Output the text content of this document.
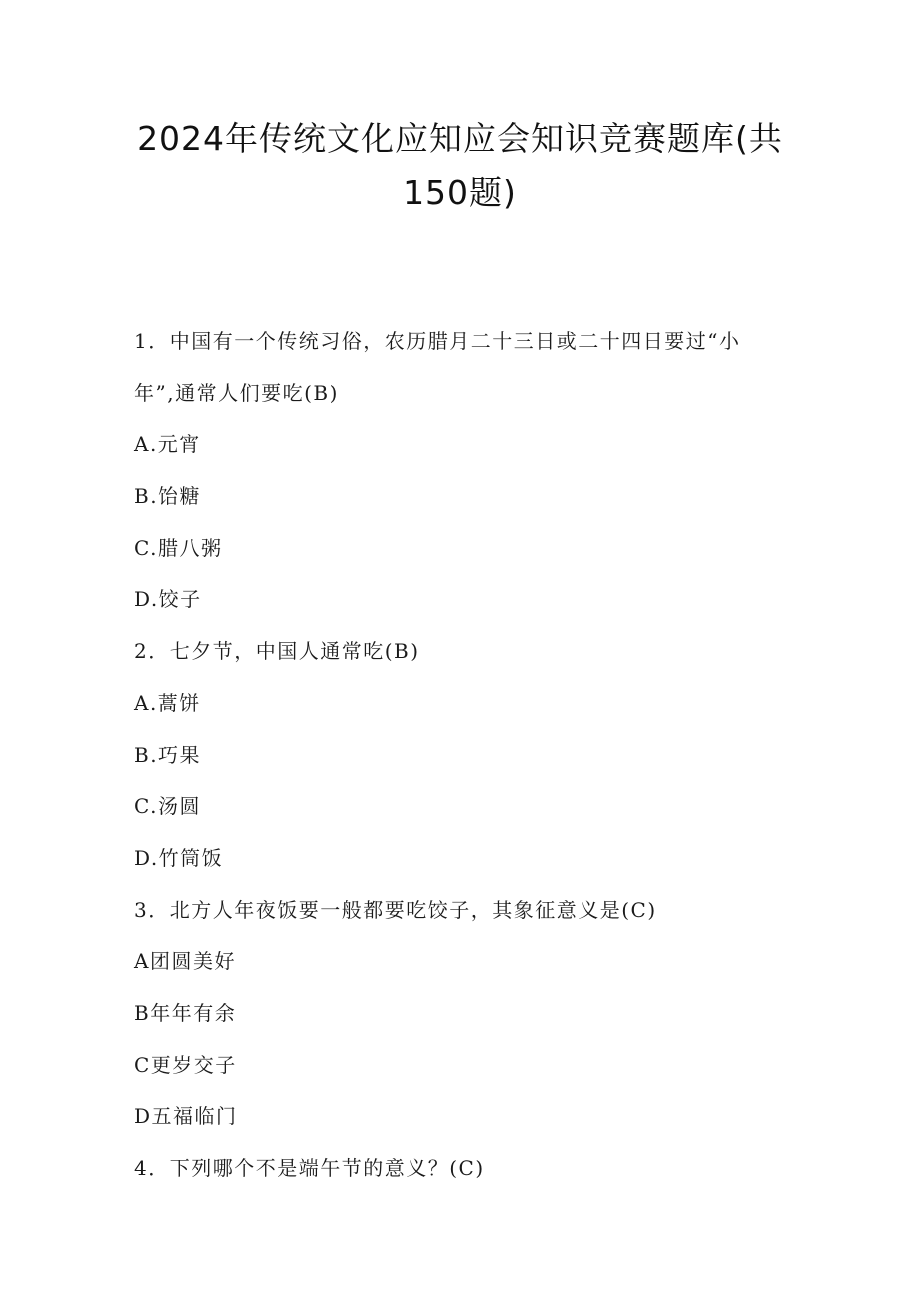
2024年传统文化应知应会知识竞赛题库(共
150题)
1．中国有一个传统习俗，农历腊月二十三日或二十四日要过“小
年”,通常人们要吃(B)
A.元宵
B.饴糖
C.腊八粥
D.饺子
2．七夕节，中国人通常吃(B)
A.蒿饼
B.巧果
C.汤圆
D.竹筒饭
3．北方人年夜饭要一般都要吃饺子，其象征意义是(C)
A团圆美好
B年年有余
C更岁交子
D五福临门
4．下列哪个不是端午节的意义？(C)
